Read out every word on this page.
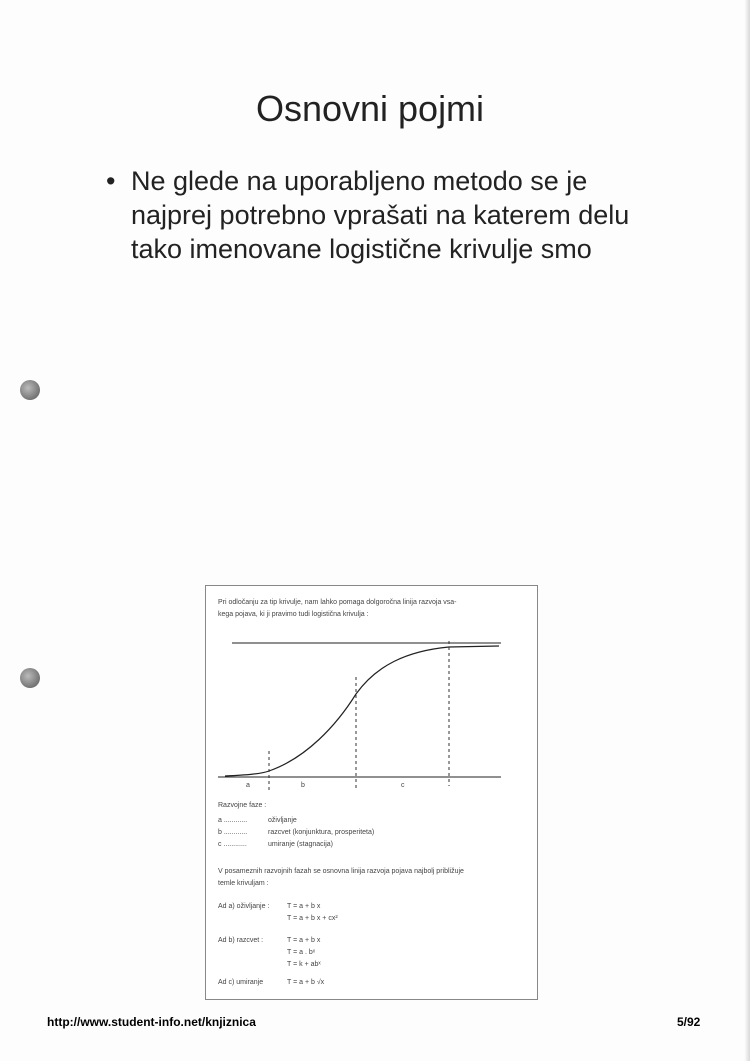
Osnovni pojmi
• Ne glede na uporabljeno metodo se je najprej potrebno vprašati na katerem delu tako imenovane logistične krivulje smo

Pri odločanju za tip krivulje, nam lahko pomaga dolgoročna linija razvoja vsa-

kega pojava, ki ji pravimo tudi logistična krivulja :

a	b	c

Razvojne faze :

a ............	oživljanje

b ............	razcvet (konjunktura, prosperiteta)

c ............	umiranje (stagnacija)

V posameznih razvojnih fazah se osnovna linija razvoja pojava najbolj približuje

temle krivuljam :

Ad a) oživljanje :	T = a + b x

T = a + b x + cx²

Ad b) razcvet :	T = a + b x

T = a . bˣ

T = k + abˣ

Ad c) umiranje	T = a + b √x

http://www.student-info.net/knjiznica	5/92
